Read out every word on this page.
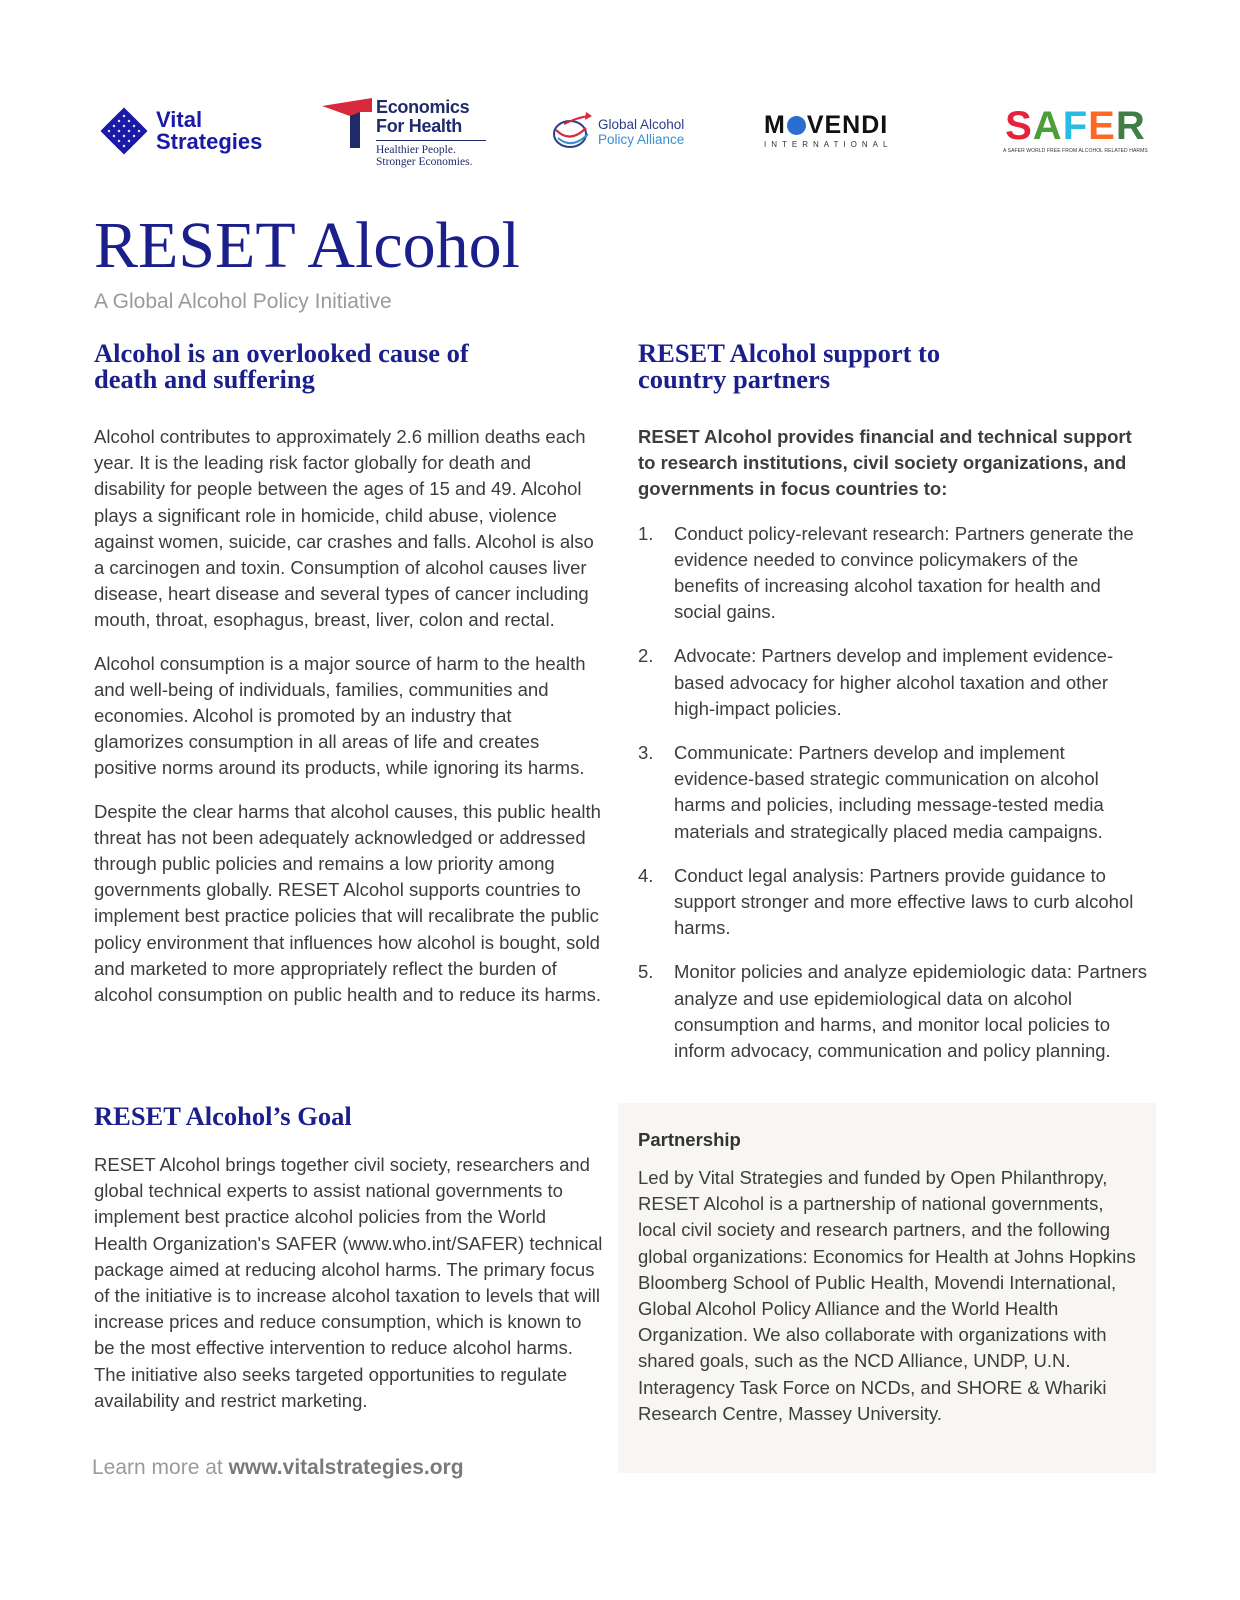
Vital
Strategies
Economics
For Health
Healthier People.
Stronger Economies.
Global Alcohol
Policy Alliance
M VENDI
INTERNATIONAL	SAFER
A SAFER WORLD FREE FROM ALCOHOL RELATED HARMS
RESET Alcohol
A Global Alcohol Policy Initiative
Alcohol is an overlooked cause of
death and suffering

Alcohol contributes to approximately 2.6 million deaths each year. It is the leading risk factor globally for death and disability for people between the ages of 15 and 49. Alcohol plays a significant role in homicide, child abuse, violence against women, suicide, car crashes and falls. Alcohol is also a carcinogen and toxin. Consumption of alcohol causes liver disease, heart disease and several types of cancer including mouth, throat, esophagus, breast, liver, colon and rectal.

Alcohol consumption is a major source of harm to the health and well-being of individuals, families, communities and economies. Alcohol is promoted by an industry that glamorizes consumption in all areas of life and creates positive norms around its products, while ignoring its harms.

Despite the clear harms that alcohol causes, this public health threat has not been adequately acknowledged or addressed through public policies and remains a low priority among governments globally. RESET Alcohol supports countries to implement best practice policies that will recalibrate the public policy environment that influences how alcohol is bought, sold and marketed to more appropriately reflect the burden of alcohol consumption on public health and to reduce its harms.

RESET Alcohol’s Goal

RESET Alcohol brings together civil society, researchers and global technical experts to assist national governments to implement best practice alcohol policies from the World Health Organization's SAFER (www.who.int/SAFER) technical package aimed at reducing alcohol harms. The primary focus of the initiative is to increase alcohol taxation to levels that will increase prices and reduce consumption, which is known to be the most effective intervention to reduce alcohol harms. The initiative also seeks targeted opportunities to regulate availability and restrict marketing.

Learn more at www.vitalstrategies.org
RESET Alcohol support to
country partners
RESET Alcohol provides financial and technical support to research institutions, civil society organizations, and governments in focus countries to:
1.	Conduct policy-relevant research: Partners generate the evidence needed to convince policymakers of the benefits of increasing alcohol taxation for health and social gains.
2.	Advocate: Partners develop and implement evidence-based advocacy for higher alcohol taxation and other high-impact policies.
3.	Communicate: Partners develop and implement evidence-based strategic communication on alcohol harms and policies, including message-tested media materials and strategically placed media campaigns.
4.	Conduct legal analysis: Partners provide guidance to support stronger and more effective laws to curb alcohol harms.
5.	Monitor policies and analyze epidemiologic data: Partners analyze and use epidemiological data on alcohol consumption and harms, and monitor local policies to inform advocacy, communication and policy planning.
Partnership

Led by Vital Strategies and funded by Open Philanthropy, RESET Alcohol is a partnership of national governments, local civil society and research partners, and the following global organizations: Economics for Health at Johns Hopkins Bloomberg School of Public Health, Movendi International, Global Alcohol Policy Alliance and the World Health Organization. We also collaborate with organizations with shared goals, such as the NCD Alliance, UNDP, U.N. Interagency Task Force on NCDs, and SHORE & Whariki Research Centre, Massey University.
